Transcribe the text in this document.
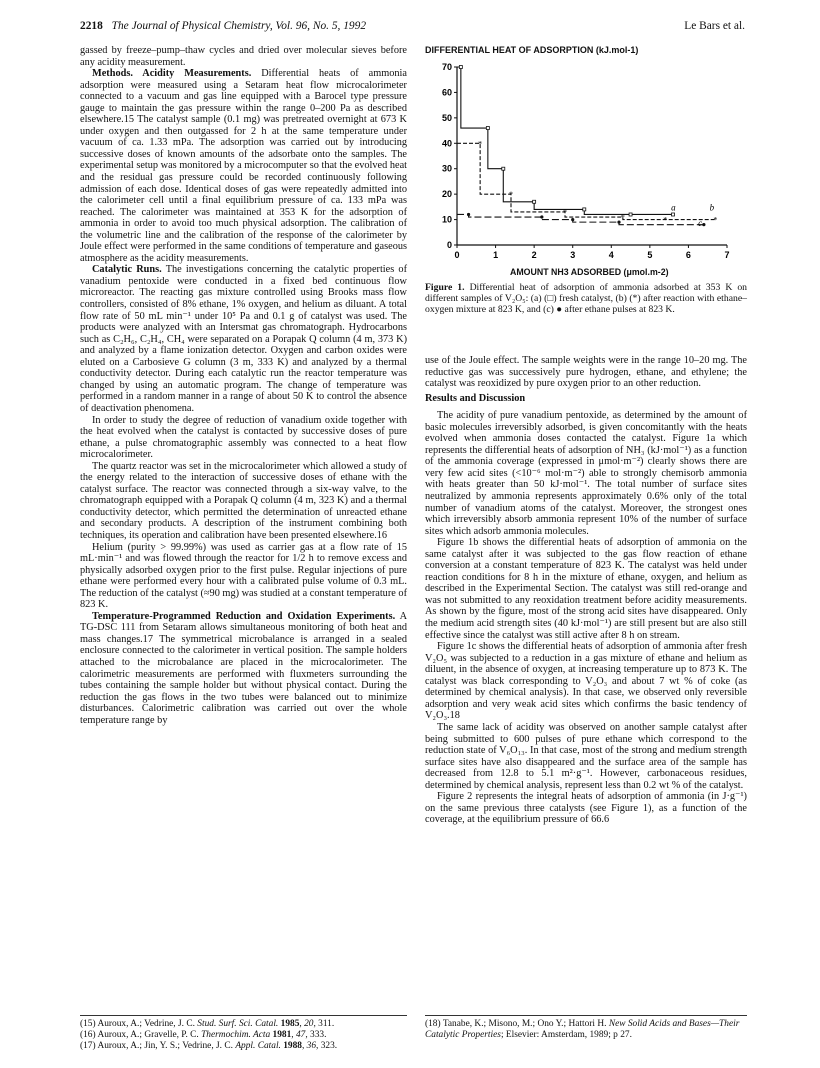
2218 The Journal of Physical Chemistry, Vol. 96, No. 5, 1992	Le Bars et al.

gassed by freeze–pump–thaw cycles and dried over molecular sieves before any acidity measurement.

Methods. Acidity Measurements. Differential heats of ammonia adsorption were measured using a Setaram heat flow microcalorimeter connected to a vacuum and gas line equipped with a Barocel type pressure gauge to maintain the gas pressure within the range 0–200 Pa as described elsewhere.15 The catalyst sample (0.1 mg) was pretreated overnight at 673 K under oxygen and then outgassed for 2 h at the same temperature under vacuum of ca. 1.33 mPa. The adsorption was carried out by introducing successive doses of known amounts of the adsorbate onto the samples. The experimental setup was monitored by a microcomputer so that the evolved heat and the residual gas pressure could be recorded continuously following admission of each dose. Identical doses of gas were repeatedly admitted into the calorimeter cell until a final equilibrium pressure of ca. 133 mPa was reached. The calorimeter was maintained at 353 K for the adsorption of ammonia in order to avoid too much physical adsorption. The calibration of the volumetric line and the calibration of the response of the calorimeter by Joule effect were performed in the same conditions of temperature and gaseous atmosphere as the acidity measurements.

Catalytic Runs. The investigations concerning the catalytic properties of vanadium pentoxide were conducted in a fixed bed continuous flow microreactor. The reacting gas mixture controlled using Brooks mass flow controllers, consisted of 8% ethane, 1% oxygen, and helium as diluant. A total flow rate of 50 mL min⁻¹ under 10⁵ Pa and 0.1 g of catalyst was used. The products were analyzed with an Intersmat gas chromatograph. Hydrocarbons such as C₂H₆, C₂H₄, CH₄ were separated on a Porapak Q column (4 m, 373 K) and analyzed by a flame ionization detector. Oxygen and carbon oxides were eluted on a Carbosieve G column (3 m, 333 K) and analyzed by a thermal conductivity detector. During each catalytic run the reactor temperature was changed by using an automatic program. The change of temperature was performed in a random manner in a range of about 50 K to control the absence of deactivation phenomena.

In order to study the degree of reduction of vanadium oxide together with the heat evolved when the catalyst is contacted by successive doses of pure ethane, a pulse chromatographic assembly was connected to a heat flow microcalorimeter.

The quartz reactor was set in the microcalorimeter which allowed a study of the energy related to the interaction of successive doses of ethane with the catalyst surface. The reactor was connected through a six-way valve, to the chromatograph equipped with a Porapak Q column (4 m, 323 K) and a thermal conductivity detector, which permitted the determination of unreacted ethane and secondary products. A description of the instrument combining both techniques, its operation and calibration have been presented elsewhere.16

Helium (purity > 99.99%) was used as carrier gas at a flow rate of 15 mL·min⁻¹ and was flowed through the reactor for 1/2 h to remove excess and physically adsorbed oxygen prior to the first pulse. Regular injections of pure ethane were performed every hour with a calibrated pulse volume of 0.3 mL. The reduction of the catalyst (≈90 mg) was studied at a constant temperature of 823 K.

Temperature-Programmed Reduction and Oxidation Experiments. A TG-DSC 111 from Setaram allows simultaneous monitoring of both heat and mass changes.17 The symmetrical microbalance is arranged in a sealed enclosure connected to the calorimeter in vertical position. The sample holders attached to the microbalance are placed in the microcalorimeter. The calorimetric measurements are performed with fluxmeters surrounding the tubes containing the sample holder but without physical contact. During the reduction the gas flows in the two tubes were balanced out to minimize disturbances. Calorimetric calibration was carried out over the whole temperature range by

DIFFERENTIAL HEAT OF ADSORPTION (kJ.mol-1)
0
10
20
30
40
50
60
70
0	1	2	3	4	5	6	7
*
*
*
*	*	*
a	b
c
AMOUNT NH3 ADSORBED (μmol.m-2)
Figure 1. Differential heat of adsorption of ammonia adsorbed at 353 K on different samples of V₂O₅: (a) (□) fresh catalyst, (b) (*) after reaction with ethane–oxygen mixture at 823 K, and (c) ● after ethane pulses at 823 K.

use of the Joule effect. The sample weights were in the range 10–20 mg. The reductive gas was successively pure hydrogen, ethane, and ethylene; the catalyst was reoxidized by pure oxygen prior to an other reduction.

Results and Discussion

The acidity of pure vanadium pentoxide, as determined by the amount of basic molecules irreversibly adsorbed, is given concomitantly with the heats evolved when ammonia doses contacted the catalyst. Figure 1a which represents the differential heats of adsorption of NH₃ (kJ·mol⁻¹) as a function of the ammonia coverage (expressed in μmol·m⁻²) clearly shows there are very few acid sites (<10⁻⁶ mol·m⁻²) able to strongly chemisorb ammonia with heats greater than 50 kJ·mol⁻¹. The total number of surface sites neutralized by ammonia represents approximately 0.6% only of the total number of vanadium atoms of the catalyst. Moreover, the strongest ones which irreversibly absorb ammonia represent 10% of the number of surface sites which adsorb ammonia molecules.

Figure 1b shows the differential heats of adsorption of ammonia on the same catalyst after it was subjected to the gas flow reaction of ethane conversion at a constant temperature of 823 K. The catalyst was held under reaction conditions for 8 h in the mixture of ethane, oxygen, and helium as described in the Experimental Section. The catalyst was still red-orange and was not submitted to any reoxidation treatment before acidity measurements. As shown by the figure, most of the strong acid sites have disappeared. Only the medium acid strength sites (40 kJ·mol⁻¹) are still present but are also still effective since the catalyst was still active after 8 h on stream.

Figure 1c shows the differential heats of adsorption of ammonia after fresh V₂O₅ was subjected to a reduction in a gas mixture of ethane and helium as diluent, in the absence of oxygen, at increasing temperature up to 873 K. The catalyst was black corresponding to V₂O₃ and about 7 wt % of coke (as determined by chemical analysis). In that case, we observed only reversible adsorption and very weak acid sites which confirms the basic tendency of V₂O₃.18

The same lack of acidity was observed on another sample catalyst after being submitted to 600 pulses of pure ethane which correspond to the reduction state of V₆O₁₃. In that case, most of the strong and medium strength surface sites have also disappeared and the surface area of the sample has decreased from 12.8 to 5.1 m²·g⁻¹. However, carbonaceous residues, determined by chemical analysis, represent less than 0.2 wt % of the catalyst.

Figure 2 represents the integral heats of adsorption of ammonia (in J·g⁻¹) on the same previous three catalysts (see Figure 1), as a function of the coverage, at the equilibrium pressure of 66.6

(15) Auroux, A.; Vedrine, J. C. Stud. Surf. Sci. Catal. 1985, 20, 311.
(16) Auroux, A.; Gravelle, P. C. Thermochim. Acta 1981, 47, 333.
(17) Auroux, A.; Jin, Y. S.; Vedrine, J. C. Appl. Catal. 1988, 36, 323.
(18) Tanabe, K.; Misono, M.; Ono Y.; Hattori H. New Solid Acids and Bases—Their Catalytic Properties; Elsevier: Amsterdam, 1989; p 27.
